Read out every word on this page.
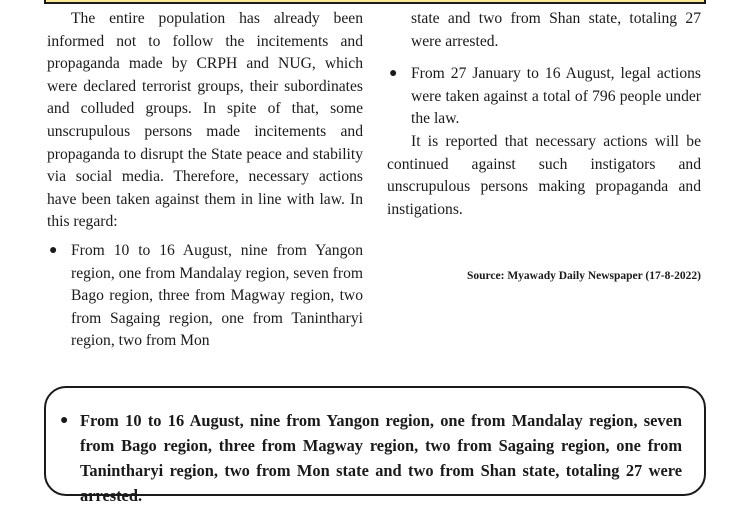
The entire population has already been informed not to follow the incitements and propaganda made by CRPH and NUG, which were declared terrorist groups, their subordinates and colluded groups. In spite of that, some unscrupulous persons made incitements and propaganda to disrupt the State peace and stability via social media. Therefore, necessary actions have been taken against them in line with law. In this regard:

● From 10 to 16 August, nine from Yangon region, one from Mandalay region, seven from Bago region, three from Magway region, two from Sagaing region, one from Tanintharyi region, two from Mon
state and two from Shan state, totaling 27 were arrested.
● From 27 January to 16 August, legal actions were taken against a total of 796 people under the law.

It is reported that necessary actions will be continued against such instigators and unscrupulous persons making propaganda and instigations.

Source: Myawady Daily Newspaper (17-8-2022)
● From 10 to 16 August, nine from Yangon region, one from Mandalay region, seven from Bago region, three from Magway region, two from Sagaing region, one from Tanintharyi region, two from Mon state and two from Shan state, totaling 27 were arrested.
